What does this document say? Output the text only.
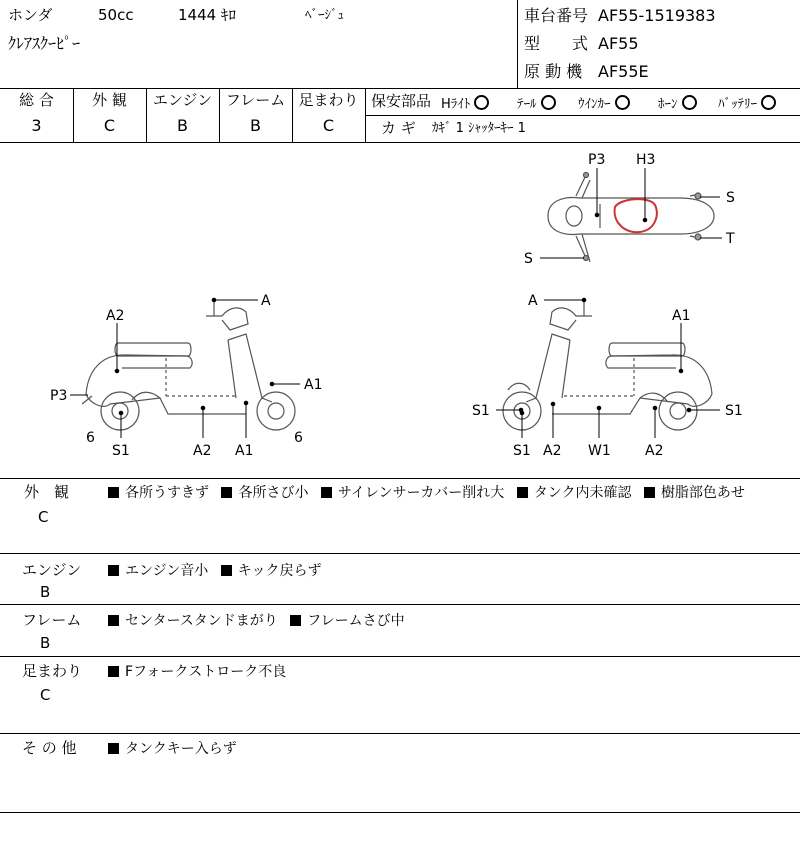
ホンダ	50cc	1444 ｷﾛ	ﾍﾞｰｼﾞｭ
ｸﾚｱｽｸｰﾋﾟｰ
車台番号 AF55-1519383
型　　式 AF55
原 動 機 AF55E
総 合	外 観	エンジン フレーム 足まわり
3	C	B	B	C
保安部品 Hﾗｲﾄ	ﾃｰﾙ	ｳｲﾝｶｰ	ﾎｰﾝ	ﾊﾞｯﾃﾘｰ
カ ギ ｶｷﾞ 1 ｼｬｯﾀｰｷｰ 1
P3 H3
S
T
S
A
A2
A1
P3
6	6
S1	A2 A1
A
A1
S1	S1
S1 A2 W1 A2
外　観
C
各所うすきず 各所さび小 サイレンサーカバー削れ大 タンク内未確認 樹脂部色あせ
エンジン
B
エンジン音小 キック戻らず
フレーム
B
センタースタンドまがり フレームさび中
足まわり
C
Fフォークストローク不良
そ の 他	タンクキー入らず
